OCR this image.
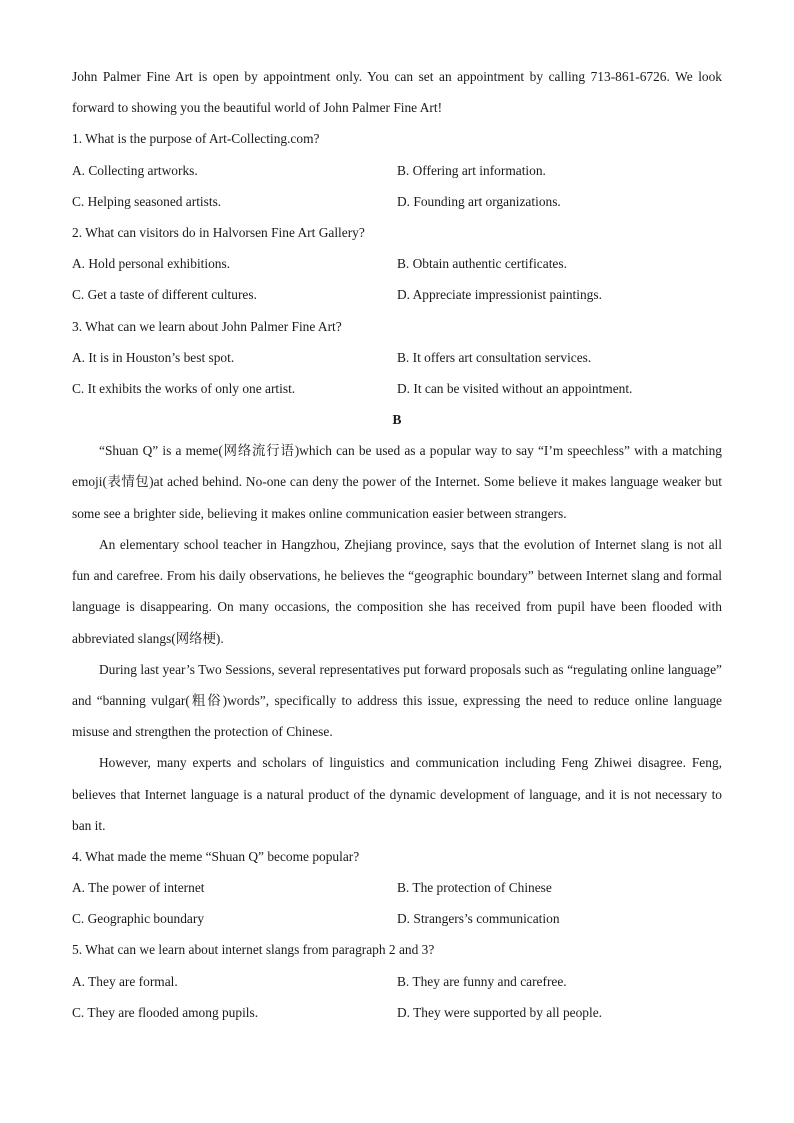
John Palmer Fine Art is open by appointment only. You can set an appointment by calling 713-861-6726. We look forward to showing you the beautiful world of John Palmer Fine Art!
1. What is the purpose of Art-Collecting.com?
A. Collecting artworks.	B. Offering art information.
C. Helping seasoned artists.	D. Founding art organizations.
2. What can visitors do in Halvorsen Fine Art Gallery?
A. Hold personal exhibitions.	B. Obtain authentic certificates.
C. Get a taste of different cultures.	D. Appreciate impressionist paintings.
3. What can we learn about John Palmer Fine Art?
A. It is in Houston’s best spot.	B. It offers art consultation services.
C. It exhibits the works of only one artist.	D. It can be visited without an appointment.
B
“Shuan Q” is a meme(网络流行语)which can be used as a popular way to say “I’m speechless” with a matching emoji(表情包)at ached behind. No-one can deny the power of the Internet. Some believe it makes language weaker but some see a brighter side, believing it makes online communication easier between strangers.
An elementary school teacher in Hangzhou, Zhejiang province, says that the evolution of Internet slang is not all fun and carefree. From his daily observations, he believes the “geographic boundary” between Internet slang and formal language is disappearing. On many occasions, the composition she has received from pupil have been flooded with abbreviated slangs(网络梗).
During last year’s Two Sessions, several representatives put forward proposals such as “regulating online language” and “banning vulgar(粗俗)words”, specifically to address this issue, expressing the need to reduce online language misuse and strengthen the protection of Chinese.
However, many experts and scholars of linguistics and communication including Feng Zhiwei disagree. Feng, believes that Internet language is a natural product of the dynamic development of language, and it is not necessary to ban it.
4. What made the meme “Shuan Q” become popular?
A. The power of internet	B. The protection of Chinese
C. Geographic boundary	D. Strangers’s communication
5. What can we learn about internet slangs from paragraph 2 and 3?
A. They are formal.	B. They are funny and carefree.
C. They are flooded among pupils.	D. They were supported by all people.
